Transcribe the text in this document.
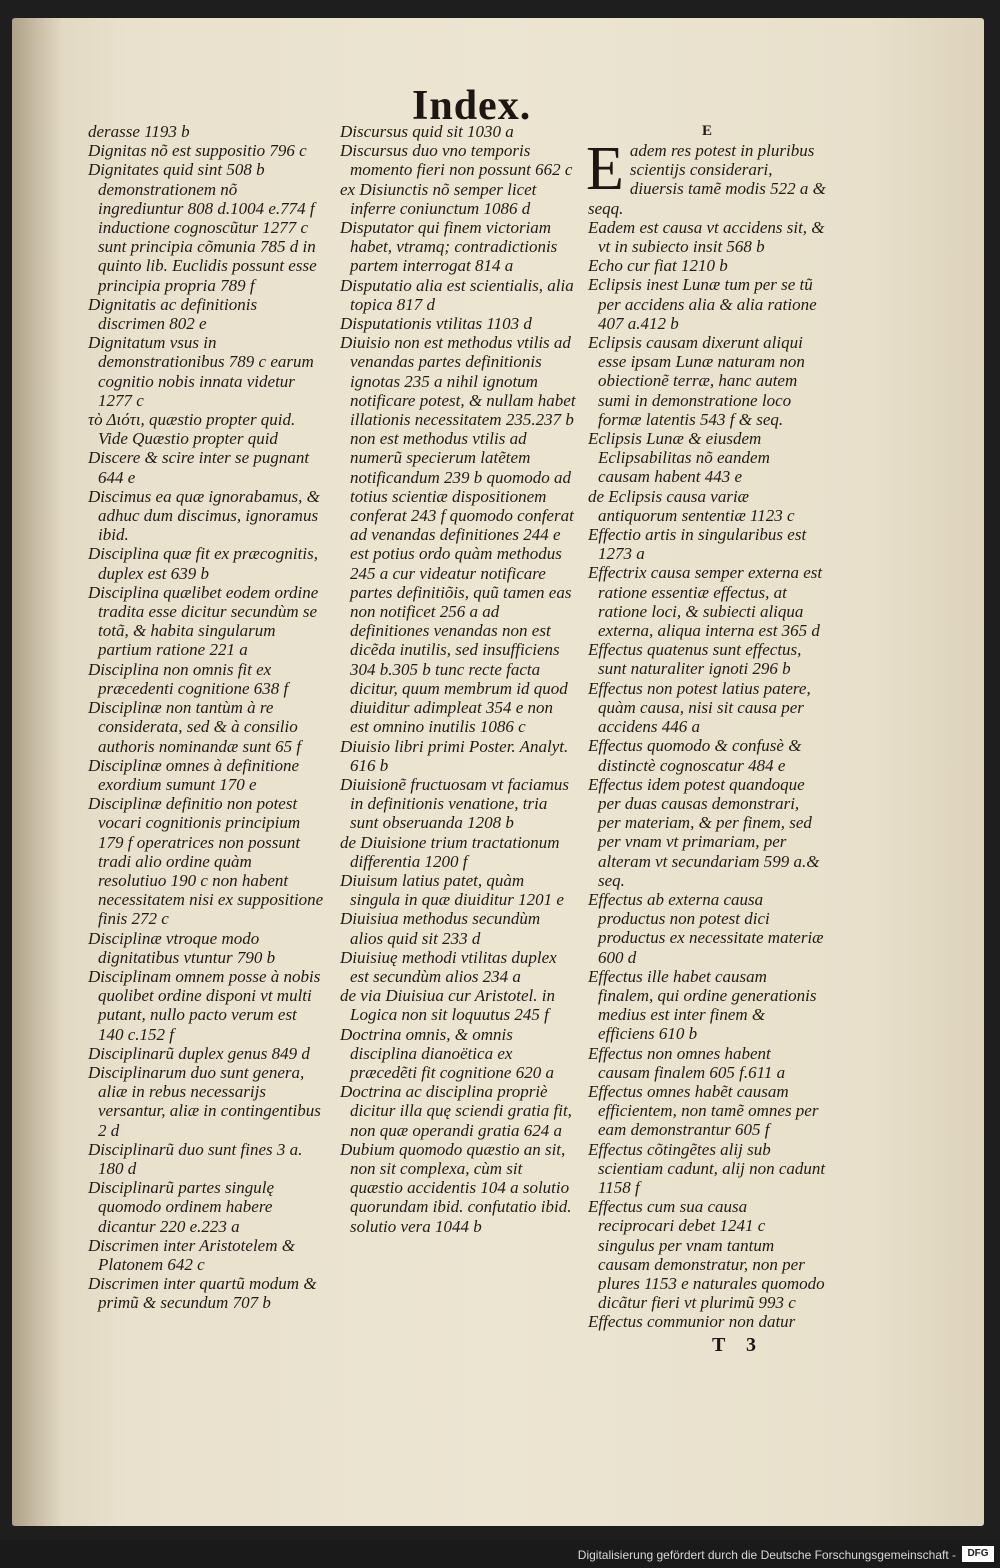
Index.

derasse 1193 b

Dignitas nõ est suppositio 796 c

Dignitates quid sint 508 b demonstrationem nõ ingrediuntur 808 d.1004 e.774 f inductione cognoscũtur 1277 c sunt principia cõmunia 785 d in quinto lib. Euclidis possunt esse principia propria 789 f

Dignitatis ac definitionis discrimen 802 e

Dignitatum vsus in demonstrationibus 789 c earum cognitio nobis innata videtur 1277 c

τὸ Διότι, quæstio propter quid. Vide Quæstio propter quid

Discere & scire inter se pugnant 644 e

Discimus ea quæ ignorabamus, & adhuc dum discimus, ignoramus ibid.

Disciplina quæ fit ex præcognitis, duplex est 639 b

Disciplina quælibet eodem ordine tradita esse dicitur secundùm se totã, & habita singularum partium ratione 221 a

Disciplina non omnis fit ex præcedenti cognitione 638 f

Disciplinæ non tantùm à re considerata, sed & à consilio authoris nominandæ sunt 65 f

Disciplinæ omnes à definitione exordium sumunt 170 e

Disciplinæ definitio non potest vocari cognitionis principium 179 f operatrices non possunt tradi alio ordine quàm resolutiuo 190 c non habent necessitatem nisi ex suppositione finis 272 c

Disciplinæ vtroque modo dignitatibus vtuntur 790 b

Disciplinam omnem posse à nobis quolibet ordine disponi vt multi putant, nullo pacto verum est 140 c.152 f

Disciplinarũ duplex genus 849 d

Disciplinarum duo sunt genera, aliæ in rebus necessarijs versantur, aliæ in contingentibus 2 d

Disciplinarũ duo sunt fines 3 a. 180 d

Disciplinarũ partes singulę quomodo ordinem habere dicantur 220 e.223 a

Discrimen inter Aristotelem & Platonem 642 c

Discrimen inter quartũ modum & primũ & secundum 707 b

Discursus quid sit 1030 a

Discursus duo vno temporis momento fieri non possunt 662 c

ex Disiunctis nõ semper licet inferre coniunctum 1086 d

Disputator qui finem victoriam habet, vtramq; contradictionis partem interrogat 814 a

Disputatio alia est scientialis, alia topica 817 d

Disputationis vtilitas 1103 d

Diuisio non est methodus vtilis ad venandas partes definitionis ignotas 235 a nihil ignotum notificare potest, & nullam habet illationis necessitatem 235.237 b non est methodus vtilis ad numerũ specierum latẽtem notificandum 239 b quomodo ad totius scientiæ dispositionem conferat 243 f quomodo conferat ad venandas definitiones 244 e est potius ordo quàm methodus 245 a cur videatur notificare partes definitiõis, quũ tamen eas non notificet 256 a ad definitiones venandas non est dicẽda inutilis, sed insufficiens 304 b.305 b tunc recte facta dicitur, quum membrum id quod diuiditur adimpleat 354 e non est omnino inutilis 1086 c

Diuisio libri primi Poster. Analyt. 616 b

Diuisionẽ fructuosam vt faciamus in definitionis venatione, tria sunt obseruanda 1208 b

de Diuisione trium tractationum differentia 1200 f

Diuisum latius patet, quàm singula in quæ diuiditur 1201 e

Diuisiua methodus secundùm alios quid sit 233 d

Diuisiuę methodi vtilitas duplex est secundùm alios 234 a

de via Diuisiua cur Aristotel. in Logica non sit loquutus 245 f

Doctrina omnis, & omnis disciplina dianoëtica ex præcedẽti fit cognitione 620 a

Doctrina ac disciplina propriè dicitur illa quę sciendi gratia fit, non quæ operandi gratia 624 a

Dubium quomodo quæstio an sit, non sit complexa, cùm sit quæstio accidentis 104 a solutio quorundam ibid. confutatio ibid. solutio vera 1044 b

E

Eadem res potest in pluribus scientijs considerari, diuersis tamẽ modis 522 a & seqq.

Eadem est causa vt accidens sit, & vt in subiecto insit 568 b

Echo cur fiat 1210 b

Eclipsis inest Lunæ tum per se tũ per accidens alia & alia ratione 407 a.412 b

Eclipsis causam dixerunt aliqui esse ipsam Lunæ naturam non obiectionẽ terræ, hanc autem sumi in demonstratione loco formæ latentis 543 f & seq.

Eclipsis Lunæ & eiusdem Eclipsabilitas nõ eandem causam habent 443 e

de Eclipsis causa variæ antiquorum sententiæ 1123 c

Effectio artis in singularibus est 1273 a

Effectrix causa semper externa est ratione essentiæ effectus, at ratione loci, & subiecti aliqua externa, aliqua interna est 365 d

Effectus quatenus sunt effectus, sunt naturaliter ignoti 296 b

Effectus non potest latius patere, quàm causa, nisi sit causa per accidens 446 a

Effectus quomodo & confusè & distinctè cognoscatur 484 e

Effectus idem potest quandoque per duas causas demonstrari, per materiam, & per finem, sed per vnam vt primariam, per alteram vt secundariam 599 a.& seq.

Effectus ab externa causa productus non potest dici productus ex necessitate materiæ 600 d

Effectus ille habet causam finalem, qui ordine generationis medius est inter finem & efficiens 610 b

Effectus non omnes habent causam finalem 605 f.611 a

Effectus omnes habẽt causam efficientem, non tamẽ omnes per eam demonstrantur 605 f

Effectus cõtingẽtes alij sub scientiam cadunt, alij non cadunt 1158 f

Effectus cum sua causa reciprocari debet 1241 c singulus per vnam tantum causam demonstratur, non per plures 1153 e naturales quomodo dicãtur fieri vt plurimũ 993 c

Effectus communior non datur

T 3
Digitalisierung gefördert durch die Deutsche Forschungsgemeinschaft -	DFG
